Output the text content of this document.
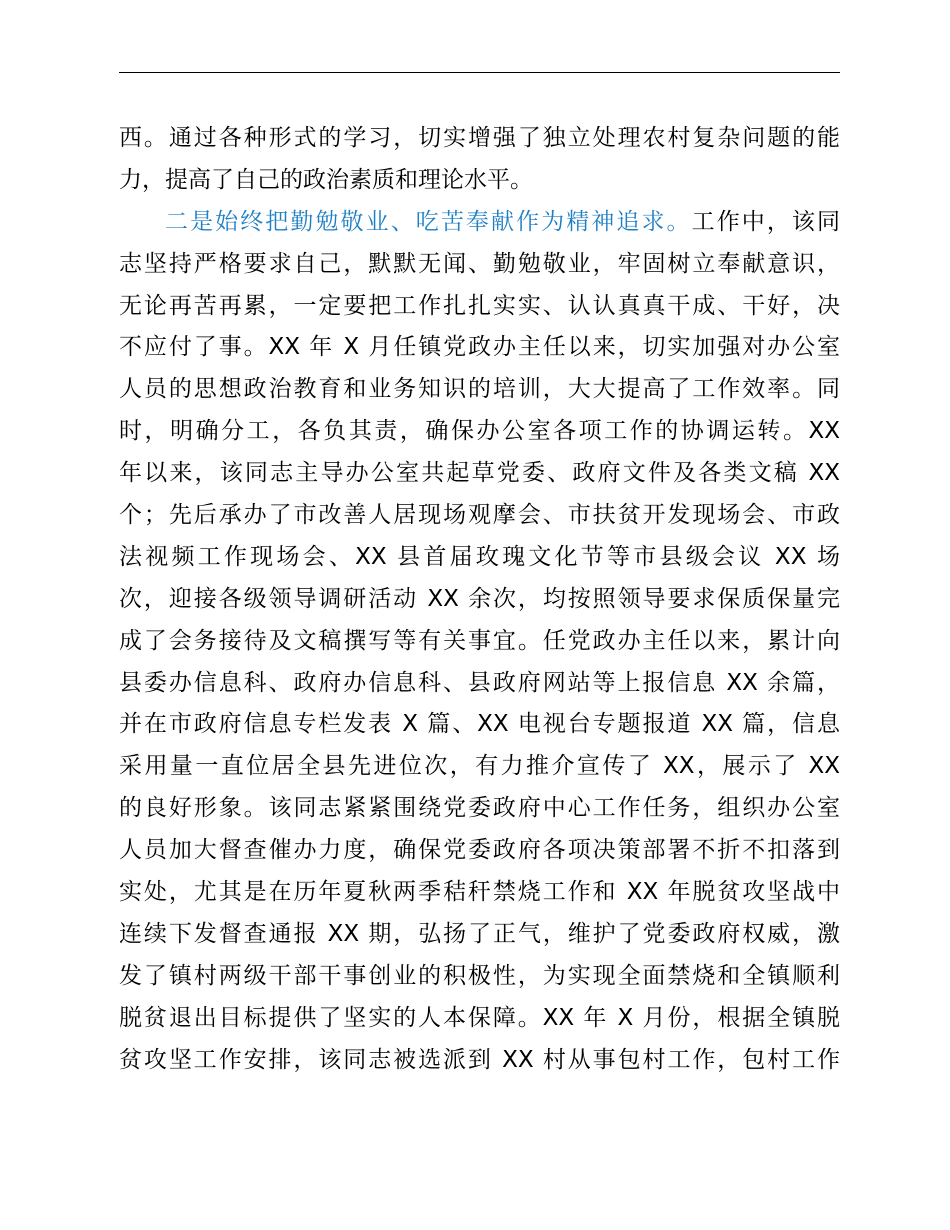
西。通过各种形式的学习，切实增强了独立处理农村复杂问题的能
力，提高了自己的政治素质和理论水平。
二是始终把勤勉敬业、吃苦奉献作为精神追求。工作中，该同
志坚持严格要求自己，默默无闻、勤勉敬业，牢固树立奉献意识，
无论再苦再累，一定要把工作扎扎实实、认认真真干成、干好，决
不应付了事。XX 年 X 月任镇党政办主任以来，切实加强对办公室
人员的思想政治教育和业务知识的培训，大大提高了工作效率。同
时，明确分工，各负其责，确保办公室各项工作的协调运转。XX
年以来，该同志主导办公室共起草党委、政府文件及各类文稿 XX
个；先后承办了市改善人居现场观摩会、市扶贫开发现场会、市政
法视频工作现场会、XX 县首届玫瑰文化节等市县级会议 XX 场
次，迎接各级领导调研活动 XX 余次，均按照领导要求保质保量完
成了会务接待及文稿撰写等有关事宜。任党政办主任以来，累计向
县委办信息科、政府办信息科、县政府网站等上报信息 XX 余篇，
并在市政府信息专栏发表 X 篇、XX 电视台专题报道 XX 篇，信息
采用量一直位居全县先进位次，有力推介宣传了 XX，展示了 XX
的良好形象。该同志紧紧围绕党委政府中心工作任务，组织办公室
人员加大督查催办力度，确保党委政府各项决策部署不折不扣落到
实处，尤其是在历年夏秋两季秸秆禁烧工作和 XX 年脱贫攻坚战中
连续下发督查通报 XX 期，弘扬了正气，维护了党委政府权威，激
发了镇村两级干部干事创业的积极性，为实现全面禁烧和全镇顺利
脱贫退出目标提供了坚实的人本保障。XX 年 X 月份，根据全镇脱
贫攻坚工作安排，该同志被选派到 XX 村从事包村工作，包村工作
